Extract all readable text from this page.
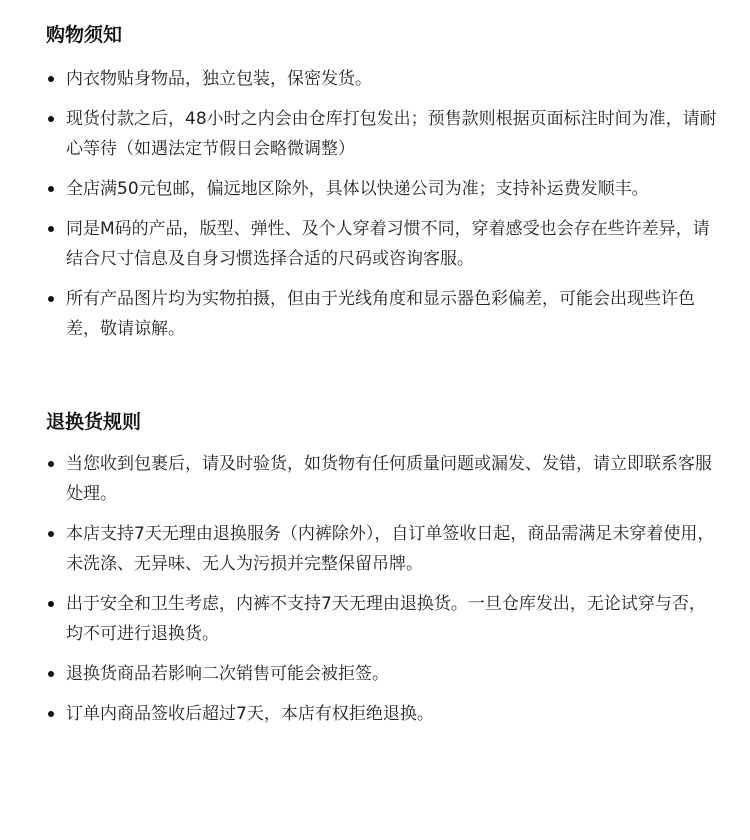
购物须知
内衣物贴身物品，独立包装，保密发货。
现货付款之后，48小时之内会由仓库打包发出；预售款则根据页面标注时间为准，请耐心等待（如遇法定节假日会略微调整）
全店满50元包邮，偏远地区除外，具体以快递公司为准；支持补运费发顺丰。
同是M码的产品，版型、弹性、及个人穿着习惯不同，穿着感受也会存在些许差异，请结合尺寸信息及自身习惯选择合适的尺码或咨询客服。
所有产品图片均为实物拍摄，但由于光线角度和显示器色彩偏差，可能会出现些许色差，敬请谅解。
退换货规则
当您收到包裹后，请及时验货，如货物有任何质量问题或漏发、发错，请立即联系客服处理。
本店支持7天无理由退换服务（内裤除外），自订单签收日起，商品需满足未穿着使用，未洗涤、无异味、无人为污损并完整保留吊牌。
出于安全和卫生考虑，内裤不支持7天无理由退换货。一旦仓库发出，无论试穿与否，均不可进行退换货。
退换货商品若影响二次销售可能会被拒签。
订单内商品签收后超过7天，本店有权拒绝退换。
